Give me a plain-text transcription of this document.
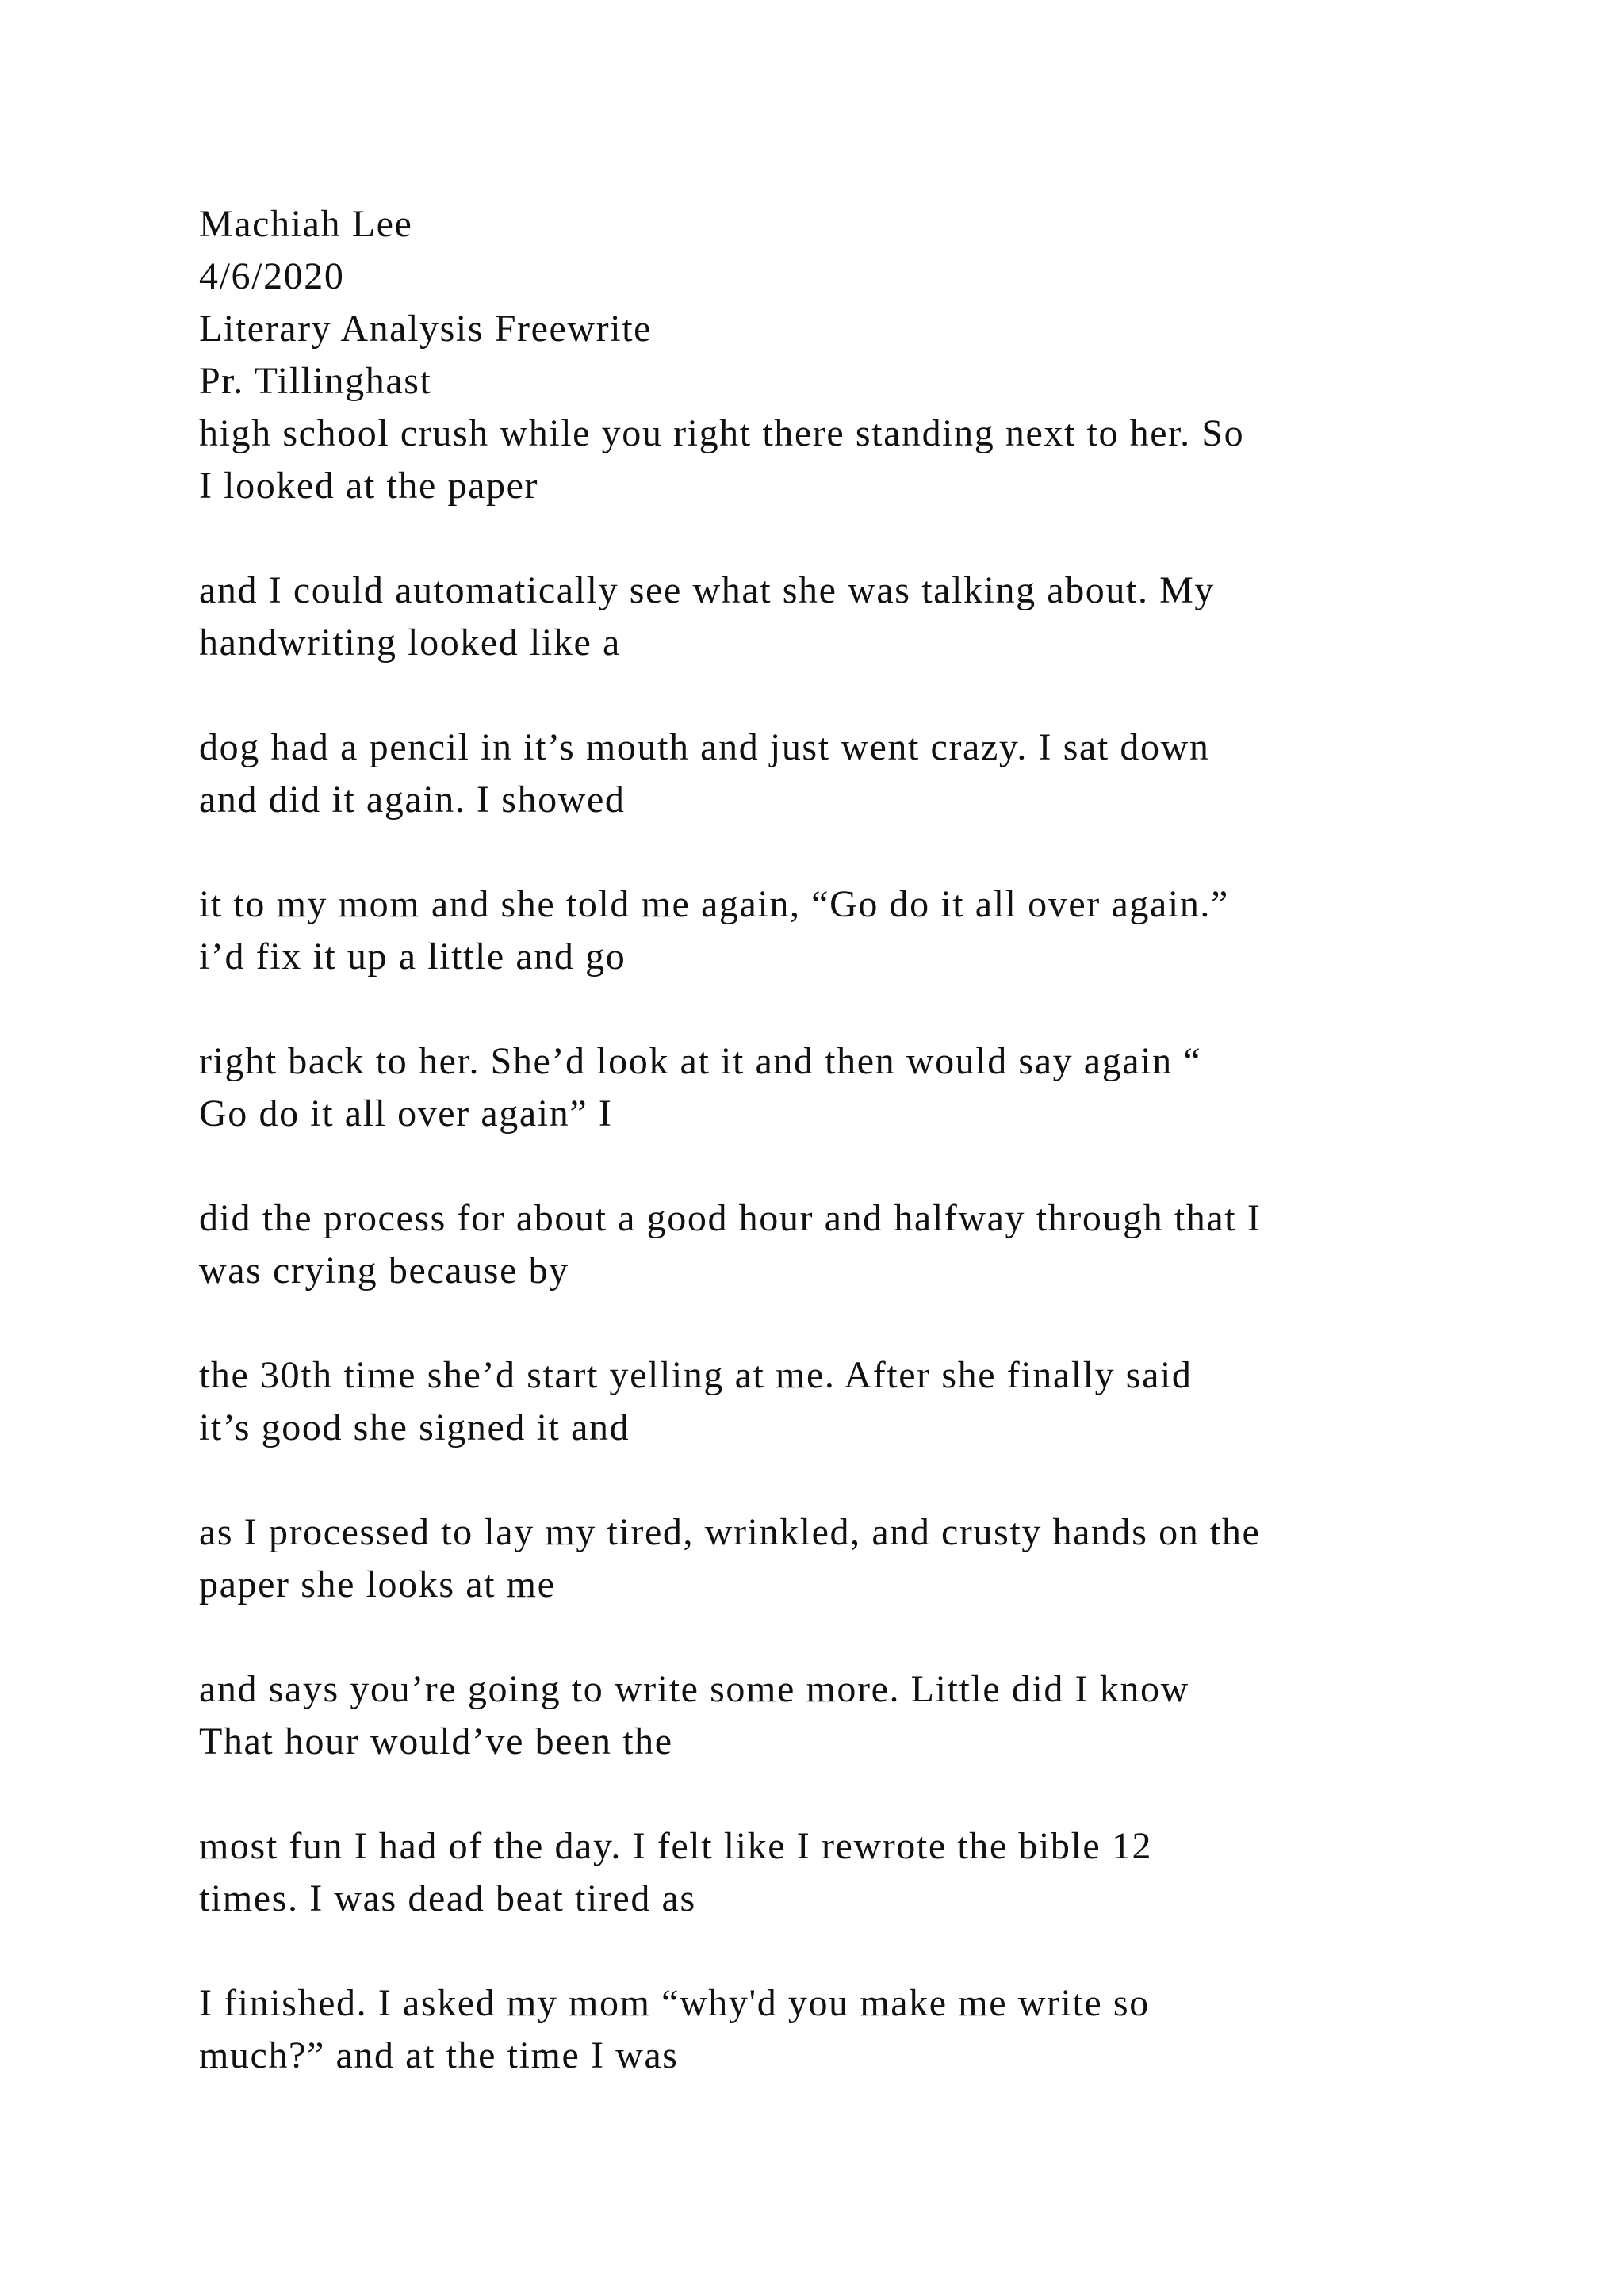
Machiah Lee
4/6/2020
Literary Analysis Freewrite
Pr. Tillinghast
high school crush while you right there standing next to her. So
I looked at the paper
and I could automatically see what she was talking about. My
handwriting looked like a
dog had a pencil in it’s mouth and just went crazy. I sat down
and did it again. I showed
it to my mom and she told me again, “Go do it all over again.”
i’d fix it up a little and go
right back to her. She’d look at it and then would say again “
Go do it all over again” I
did the process for about a good hour and halfway through that I
was crying because by
the 30th time she’d start yelling at me. After she finally said
it’s good she signed it and
as I processed to lay my tired, wrinkled, and crusty hands on the
paper she looks at me
and says you’re going to write some more. Little did I know
That hour would’ve been the
most fun I had of the day. I felt like I rewrote the bible 12
times. I was dead beat tired as
I finished. I asked my mom “why'd you make me write so
much?” and at the time I was
